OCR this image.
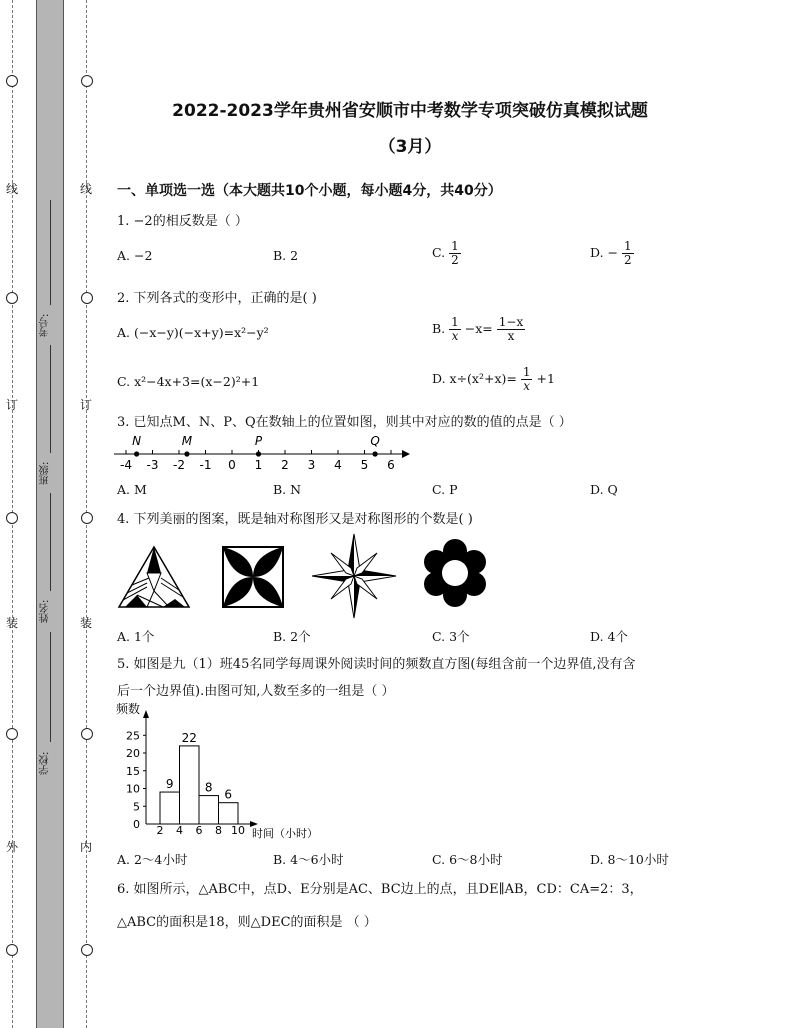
线
订
装
外
线
订
装
内
考号:
班级:
姓名:
学校:
2022-2023学年贵州省安顺市中考数学专项突破仿真模拟试题
（3月）
一、单项选一选（本大题共10个小题，每小题4分，共40分）
1. −2的相反数是（ ）
A. −2	B. 2	C. $\frac{1}{2}$	D. − $\frac{1}{2}$
2. 下列各式的变形中，正确的是( )
A. (−x−y)(−x+y)=x²−y²	B. $\frac{1}{x} -x= \frac{1-x}{x}$
C. x²−4x+3=(x−2)²+1	D. $x\div(x^2+x)= \frac{1}{x} +1$
3. 已知点M、N、P、Q在数轴上的位置如图，则其中对应的数的值的点是（ ）
-4 -3 -2 -1 0 1 2 3 4 5 6
N	M	P	Q
A. M	B. N	C. P	D. Q
4. 下列美丽的图案，既是轴对称图形又是对称图形的个数是( )
A. 1个	B. 2个	C. 3个	D. 4个
5. 如图是九（1）班45名同学每周课外阅读时间的频数直方图(每组含前一个边界值,没有含
后一个边界值).由图可知,人数至多的一组是（ ）
频数
时间（小时）
0
5
10
15
20
25
2 4 6 8 10
9
22
8
6
A. 2～4小时	B. 4～6小时	C. 6～8小时	D. 8～10小时
6. 如图所示，△ABC中，点D、E分别是AC、BC边上的点，且DE∥AB，CD：CA=2：3，
△ABC的面积是18，则△DEC的面积是 （ ）
